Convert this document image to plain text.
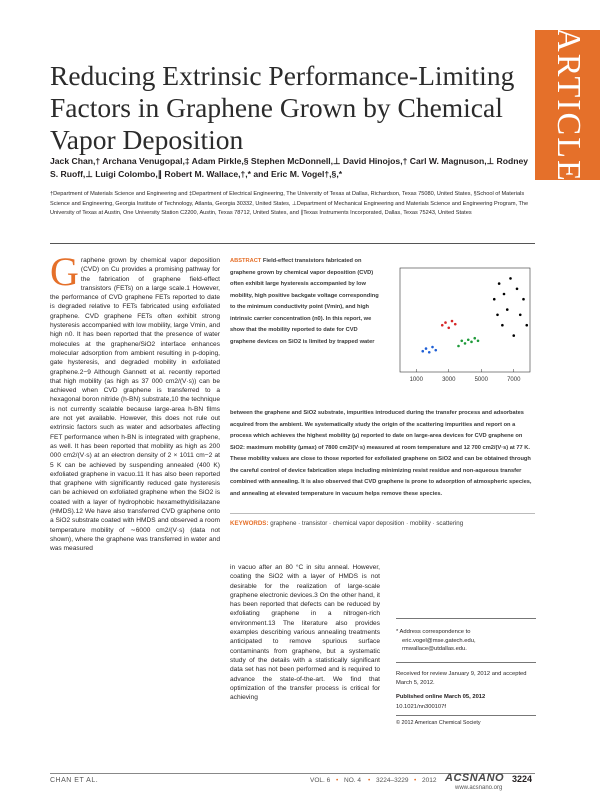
ARTICLE
Reducing Extrinsic Performance-Limiting Factors in Graphene Grown by Chemical Vapor Deposition
Jack Chan,† Archana Venugopal,‡ Adam Pirkle,§ Stephen McDonnell,⊥ David Hinojos,† Carl W. Magnuson,⊥ Rodney S. Ruoff,⊥ Luigi Colombo,∥ Robert M. Wallace,†,* and Eric M. Vogel†,§,*
†Department of Materials Science and Engineering and ‡Department of Electrical Engineering, The University of Texas at Dallas, Richardson, Texas 75080, United States, §School of Materials Science and Engineering, Georgia Institute of Technology, Atlanta, Georgia 30332, United States, ⊥Department of Mechanical Engineering and Materials Science and Engineering Program, The University of Texas at Austin, One University Station C2200, Austin, Texas 78712, United States, and ∥Texas Instruments Incorporated, Dallas, Texas 75243, United States
Graphene grown by chemical vapor deposition (CVD) on Cu provides a promising pathway for the fabrication of graphene field-effect transistors (FETs) on a large scale.1 However, the performance of CVD graphene FETs reported to date is degraded relative to FETs fabricated using exfoliated graphene. CVD graphene FETs often exhibit strong hysteresis accompanied with low mobility, large Vmin, and high n0. It has been reported that the presence of water molecules at the graphene/SiO2 interface enhances molecular adsorption from ambient resulting in p-doping, gate hysteresis, and degraded mobility in exfoliated graphene.2−9 Although Gannett et al. recently reported that high mobility (as high as 37 000 cm2/(V·s)) can be achieved when CVD graphene is transferred to a hexagonal boron nitride (h-BN) substrate,10 the technique is not currently scalable because large-area h-BN films are not yet available. However, this does not rule out extrinsic factors such as water and adsorbates affecting FET performance when h-BN is integrated with graphene, as well. It has been reported that mobility as high as 200 000 cm2/(V·s) at an electron density of 2 × 1011 cm−2 at 5 K can be achieved by suspending annealed (400 K) exfoliated graphene in vacuo.11 It has also been reported that graphene with significantly reduced gate hysteresis can be achieved on exfoliated graphene when the SiO2 is coated with a layer of hydrophobic hexamethyldisilazane (HMDS).12 We have also transferred CVD graphene onto a SiO2 substrate coated with HMDS and observed a room temperature mobility of ∼6000 cm2/(V·s) (data not shown), where the graphene was transferred in water and was measured
ABSTRACT Field-effect transistors fabricated on graphene grown by chemical vapor deposition (CVD) often exhibit large hysteresis accompanied by low mobility, high positive backgate voltage corresponding to the minimum conductivity point (Vmin), and high intrinsic carrier concentration (n0). In this report, we show that the mobility reported to date for CVD graphene devices on SiO2 is limited by trapped water
1000	3000	5000	7000
between the graphene and SiO2 substrate, impurities introduced during the transfer process and adsorbates acquired from the ambient. We systematically study the origin of the scattering impurities and report on a process which achieves the highest mobility (μ) reported to date on large-area devices for CVD graphene on SiO2: maximum mobility (μmax) of 7800 cm2/(V·s) measured at room temperature and 12 700 cm2/(V·s) at 77 K. These mobility values are close to those reported for exfoliated graphene on SiO2 and can be obtained through the careful control of device fabrication steps including minimizing resist residue and non-aqueous transfer combined with annealing. It is also observed that CVD graphene is prone to adsorption of atmospheric species, and annealing at elevated temperature in vacuum helps remove these species.
KEYWORDS: graphene · transistor · chemical vapor deposition · mobility · scattering
in vacuo after an 80 °C in situ anneal. However, coating the SiO2 with a layer of HMDS is not desirable for the realization of large-scale graphene electronic devices.3 On the other hand, it has been reported that defects can be reduced by exfoliating graphene in a nitrogen-rich environment.13 The literature also provides examples describing various annealing treatments anticipated to remove spurious surface contaminants from graphene, but a systematic study of the details with a statistically significant data set has not been performed and is required to advance the state-of-the-art. We find that optimization of the transfer process is critical for achieving
* Address correspondence to
eric.vogel@mse.gatech.edu,
rmwallace@utdallas.edu.
Received for review January 9, 2012 and accepted March 5, 2012.
Published online March 05, 2012
10.1021/nn300107f
© 2012 American Chemical Society
CHAN ET AL.	VOL. 6 • NO. 4 • 3224–3229 • 2012 ACSNANO
www.acsnano.org
3224
